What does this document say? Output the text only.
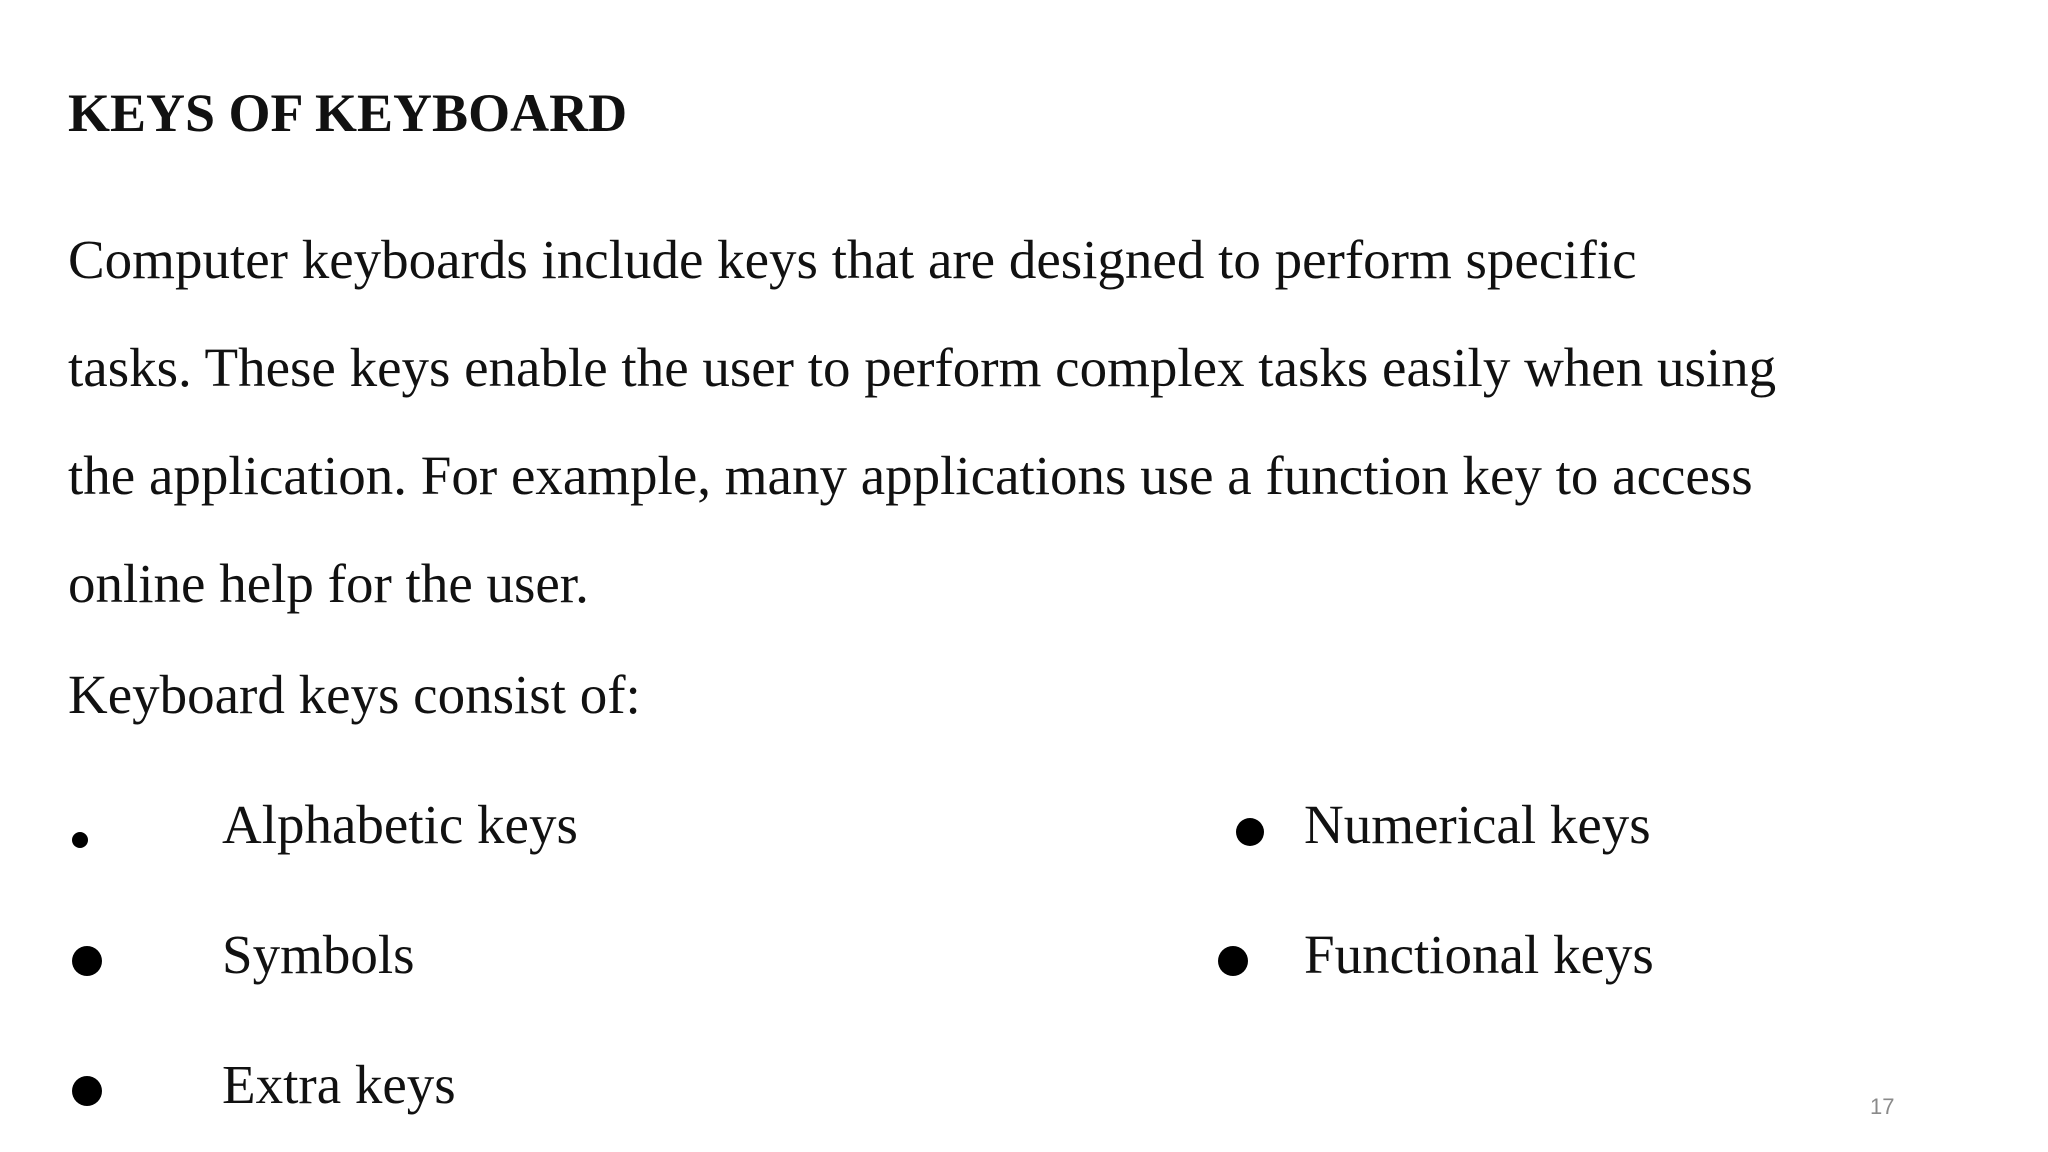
KEYS OF KEYBOARD

Computer keyboards include keys that are designed to perform specific
tasks. These keys enable the user to perform complex tasks easily when using
the application. For example, many applications use a function key to access
online help for the user.

Keyboard keys consist of:
Alphabetic keys
Symbols
Extra keys
Numerical keys
Functional keys
17
